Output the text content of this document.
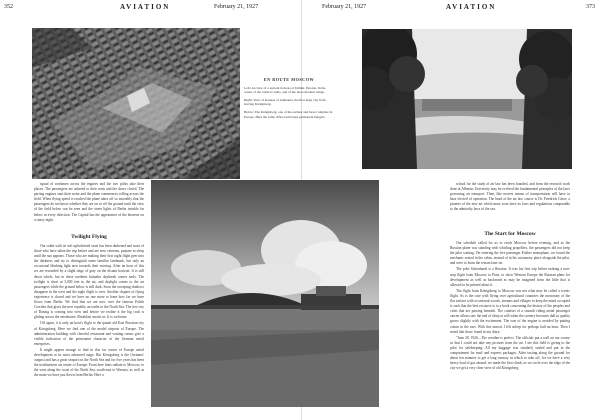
352	AVIATION	February 21, 1927	February 21, 1927	AVIATION	373
EN ROUTE MOSCOW
Left: An view of a ancient fortress at Tallinn, Estonia. In the center of the castle is walls, and of the more modern wings.
Right: View of Kaunas of Lithuania, the first large city from leaving Königsberg.
Below: The Königsberg, one of the earliest and most complete in Europe. Here the same office built large permanent hangars.

squad of workmen across the engines and the two pilots take their places. The passengers are ushered to their seats and the doors closed. The parting engines start their noise and the plane commences rolling across the field. When flying speed is reached the plane takes off so smoothly that the passengers do not know whether they are on or off the ground until the view of the field below can be seen and the street lights of Berlin twinkle far below in every direction. The Capital has the appearance of the heavens on a starry night.

Twilight Flying

Our cabin with its soft upholstered seats has been darkened and most of those who have taken the trip before and are now veterans, prepare to sleep until the sun appears. Those who are making their first night flight peer into the darkness and try to distinguish some familiar landmark, but only an occasional blinking light now towards their moving. After an hour of this we are rewarded by a slight tinge of gray on the distant horizon. It is still dawn which, but in these northern latitudes daybreak comes early. The twilight is short at 3,000 feet in the air, and daylight comes to the air passengers while the ground below is still dark. Soon the sweeping shadows disappear in the west and the night flight is over. Another chapter of flying experience is closed and we have no one more to learn how far we have flown from Berlin. We find that we are now over the famous Polish Corridor that gives the new republic an outlet to the North Sea. The free city of Danzig is coming into view and before we realize it the big craft is gliding across the aerodrome. Breakfast awaits us. It is welcome.

Off again, it is only an hour's flight to the quaint old East Prussian city of Königsberg. Here we find one of the model airports of Europe. The administration building with cheerful restaurant and waiting rooms give a visible indication of the permanent character of the German aerial enterprises.

It might appear strange to find in this far corner of Europe aerial development at its most advanced stage. But Königsberg is the Germans' outpost and has a great seaport on the North Sea and for five years has been the northeastern air center of Europe. From here lines radiate to Moscow, to the west along the coast of the North Sea; south-east to Warsaw, as well as the main we have just flown from Berlin. Here a

school for the study of air law has been founded, and from the research work done at Albertus University may be evolved the fundamental principles of the laws governing air transport. Then, like newest means of transportation will have to base elected of operation. The head of the air law course is Dr. Friedrich Giese, a pioneer of the new art which must soon have its laws and regulations comparable to the admiralty laws of the sea.

The Start for Moscow

Our schedule called for us to reach Moscow before evening, and as the Russian plane was standing with whirling propellers, the passengers did not keep the pilot waiting. On entering the five passenger Fokker monoplane, we found the mechanic seated in the cabin, instead of in his customary place alongside the pilot, and were to learn the reason later on.

The pilot Schönhardt is a Russian. It was his first trip before making a non-stop flight from Moscow to Paris, to show Western Europe the Russian plans for development as well as backward as may be imagined from the little that is allowed to be printed about it.

The flight from Königsberg to Moscow was not what may be called a scenic flight. As is the case with flying over agricultural countries the monotony of the flat surface with occasional woods, streams and villages to keep the mind occupied is such that the best recourse is to a book concerning the history of the peoples and cities that are passing beneath. The comfort of a smooth riding aerial passenger carrier allows one the end of sleep at will when the scenery becomes dull in quality grows slightly with the excitement. The roar of the engine is avoided by putting cotton in the ears. With this utmost I felt asleep for perhaps half an hour. Then I noted that those found in my diary:

"June 28, 1926—The weather is perfect. The officials put a wall on our course so that I could not take any pictures from the air. I see this field is giving to the pilot for safekeeping. All my baggage was similarly sealed and put in the compartment for mail and express packages. After taxiing along the ground for about ten minutes to get a long runway in which to take off, for we have a very heavy load of gas aboard, we made the first climb, as we circle over the edge of the city we get a very clear view of old Königsberg
